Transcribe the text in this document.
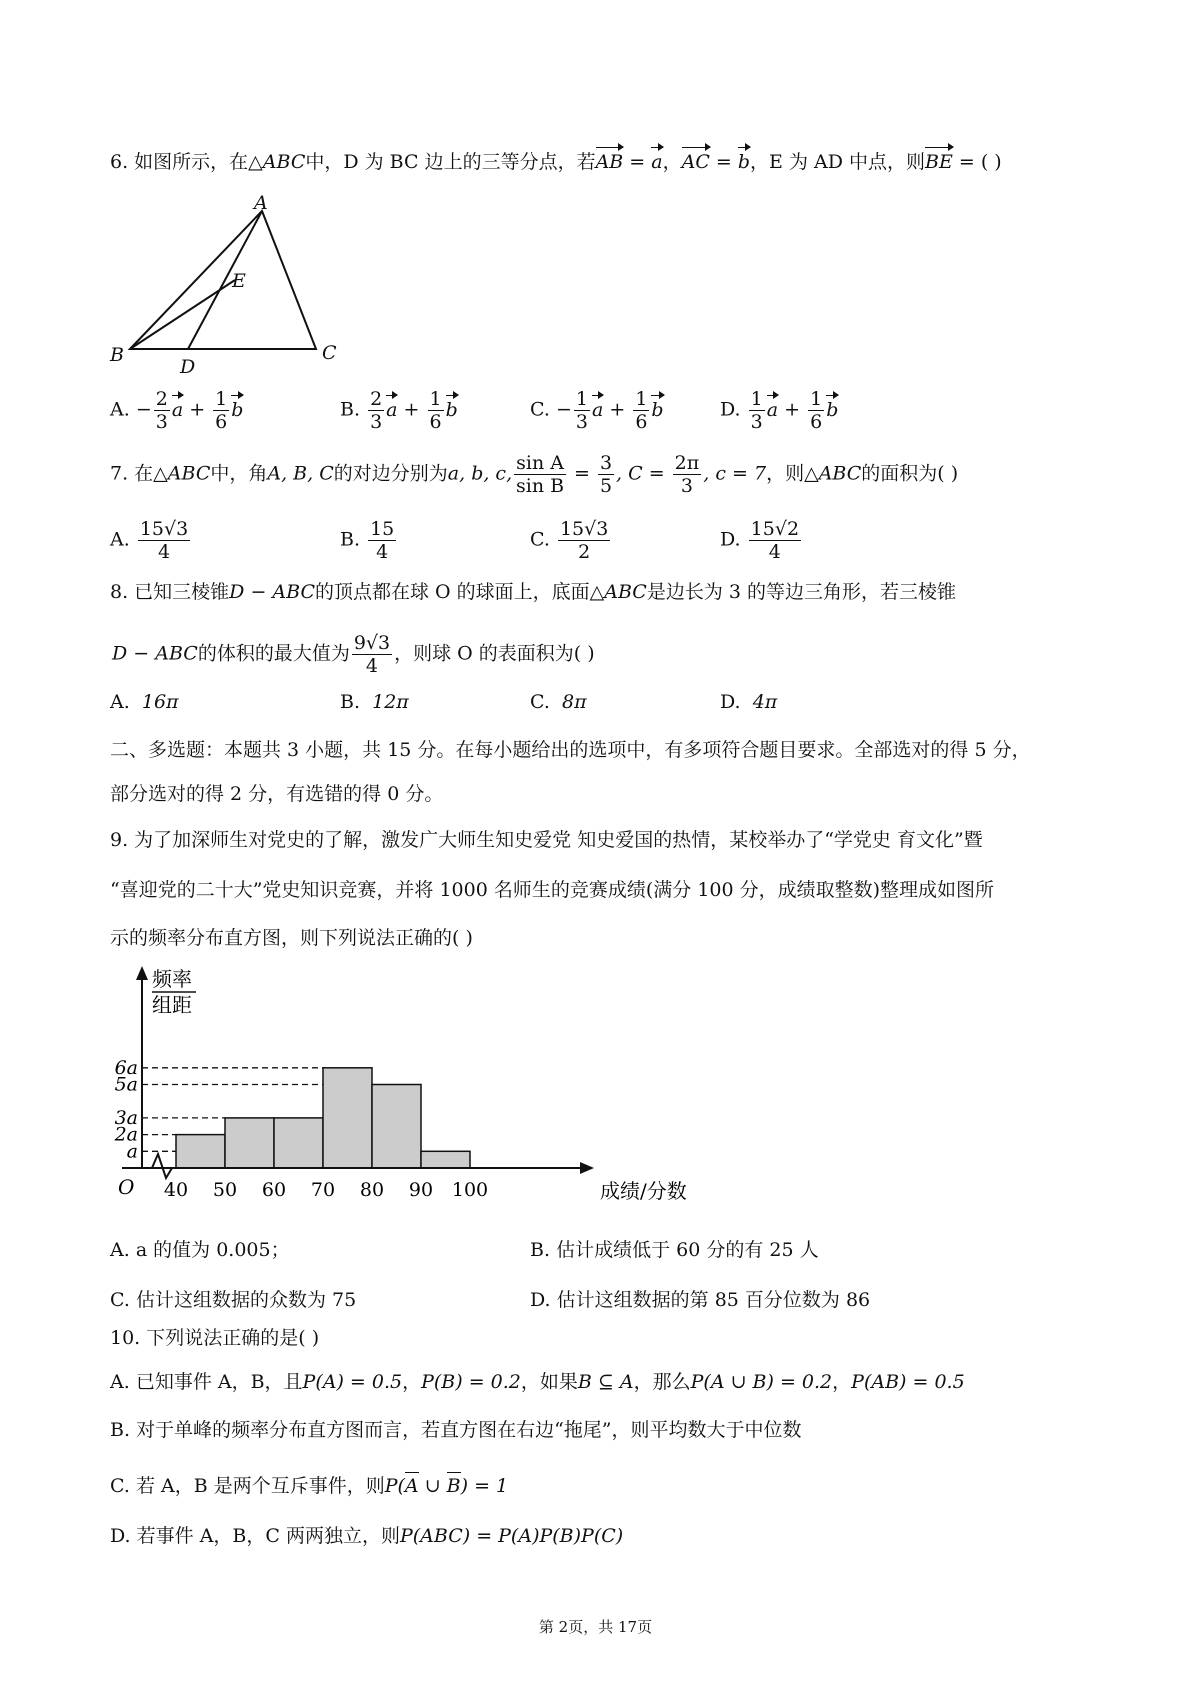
6. 如图所示，在△ABC中，D 为 BC 边上的三等分点，若AB = a，AC = b，E 为 AD 中点，则BE = ( )
A
B	C
D
E
A. − $\frac{2}{3}$ $a + \frac{1}{6}$ b	B. $\frac{2}{3}$ $a + \frac{1}{6}$ b	C. − $\frac{1}{3}$ $a + \frac{1}{6}$ b	D. $\frac{1}{3}$ $a + \frac{1}{6}$ b
7. 在△ABC中，角A, B, C的对边分别为a, b, c, $\frac{\text{sin A}}{\text{sin B}} = \frac{3}{5}$ , $C = \frac{2\pi}{3}$ , c = 7，则△ABC的面积为( )
A. $\frac{15√3}{4}$	B. $\frac{15}{4}$	C. $\frac{15√3}{2}$	D. $\frac{15√2}{4}$
8. 已知三棱锥D − ABC的顶点都在球 O 的球面上，底面△ABC是边长为 3 的等边三角形，若三棱锥
D − ABC的体积的最大值为 $\frac{9√3}{4}$ ，则球 O 的表面积为( )
A. 16π	B. 12π	C. 8π	D. 4π
二、多选题：本题共 3 小题，共 15 分。在每小题给出的选项中，有多项符合题目要求。全部选对的得 5 分，
部分选对的得 2 分，有选错的得 0 分。
9. 为了加深师生对党史的了解，激发广大师生知史爱党 知史爱国的热情，某校举办了“学党史 育文化”暨
“喜迎党的二十大”党史知识竞赛，并将 1000 名师生的竞赛成绩(满分 100 分，成绩取整数)整理成如图所
示的频率分布直方图，则下列说法正确的( )
6a
5a
3a
2a
a
40 50 60 70 80 90 100
O
频率
组距
成绩/分数
A. a 的值为 0.005；	B. 估计成绩低于 60 分的有 25 人
C. 估计这组数据的众数为 75	D. 估计这组数据的第 85 百分位数为 86
10. 下列说法正确的是( )
A. 已知事件 A，B，且P(A) = 0.5，P(B) = 0.2，如果B ⊆ A，那么P(A ∪ B) = 0.2，P(AB) = 0.5
B. 对于单峰的频率分布直方图而言，若直方图在右边“拖尾”，则平均数大于中位数
C. 若 A，B 是两个互斥事件，则P(A ∪ B) = 1
D. 若事件 A，B，C 两两独立，则P(ABC) = P(A)P(B)P(C)
第 2页，共 17页
